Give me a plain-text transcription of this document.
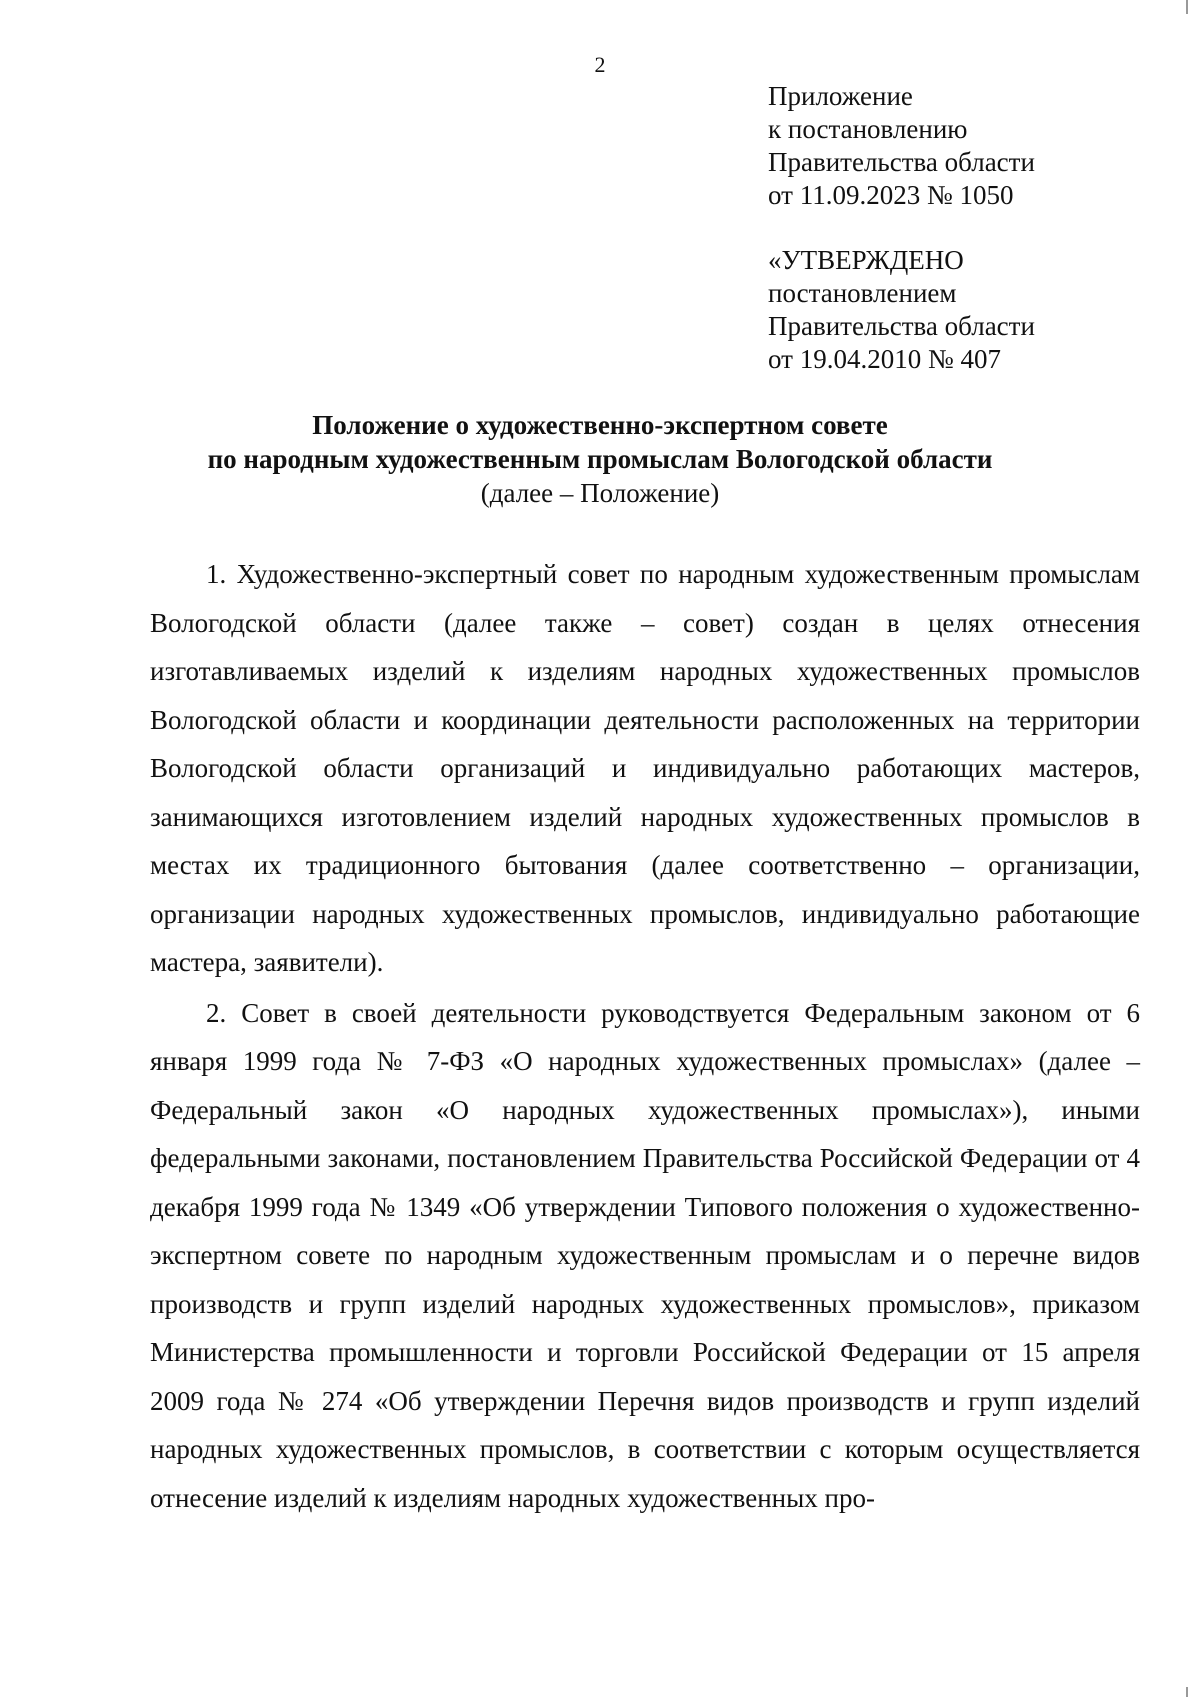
2
Приложение
к постановлению
Правительства области
от 11.09.2023 № 1050
«УТВЕРЖДЕНО
постановлением
Правительства области
от 19.04.2010 № 407
Положение о художественно-экспертном совете
по народным художественным промыслам Вологодской области
(далее – Положение)

1. Художественно-экспертный совет по народным художественным промыслам Вологодской области (далее также – совет) создан в целях отнесения изготавливаемых изделий к изделиям народных художественных промыслов Вологодской области и координации деятельности расположенных на территории Вологодской области организаций и индивидуально работающих мастеров, занимающихся изготовлением изделий народных художественных промыслов в местах их традиционного бытования (далее соответственно – организации, организации народных художественных промыслов, индивидуально работающие мастера, заявители).

2. Совет в своей деятельности руководствуется Федеральным законом от 6 января 1999 года № 7-ФЗ «О народных художественных промыслах» (далее – Федеральный закон «О народных художественных промыслах»), иными федеральными законами, постановлением Правительства Российской Федерации от 4 декабря 1999 года № 1349 «Об утверждении Типового положения о художественно-экспертном совете по народным художественным промыслам и о перечне видов производств и групп изделий народных художественных промыслов», приказом Министерства промышленности и торговли Российской Федерации от 15 апреля 2009 года № 274 «Об утверждении Перечня видов производств и групп изделий народных художественных промыслов, в соответствии с которым осуществляется отнесение изделий к изделиям народных художественных про-
